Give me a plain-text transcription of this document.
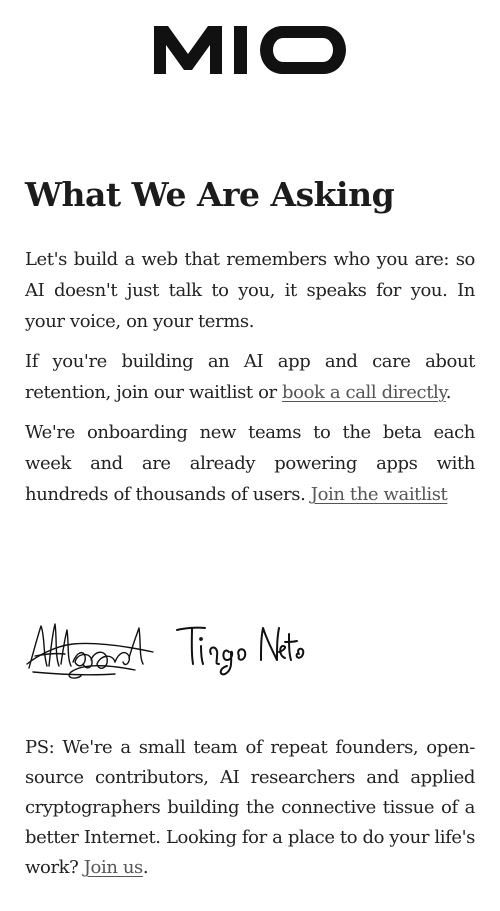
What We Are Asking

Let's build a web that remembers who you are: so AI doesn't just talk to you, it speaks for you. In your voice, on your terms.

If you're building an AI app and care about retention, join our waitlist or book a call directly.

We're onboarding new teams to the beta each week and are already powering apps with hundreds of thousands of users. Join the waitlist

PS: We're a small team of repeat founders, open-source contributors, AI researchers and applied cryptographers building the connective tissue of a better Internet. Looking for a place to do your life's work? Join us.
